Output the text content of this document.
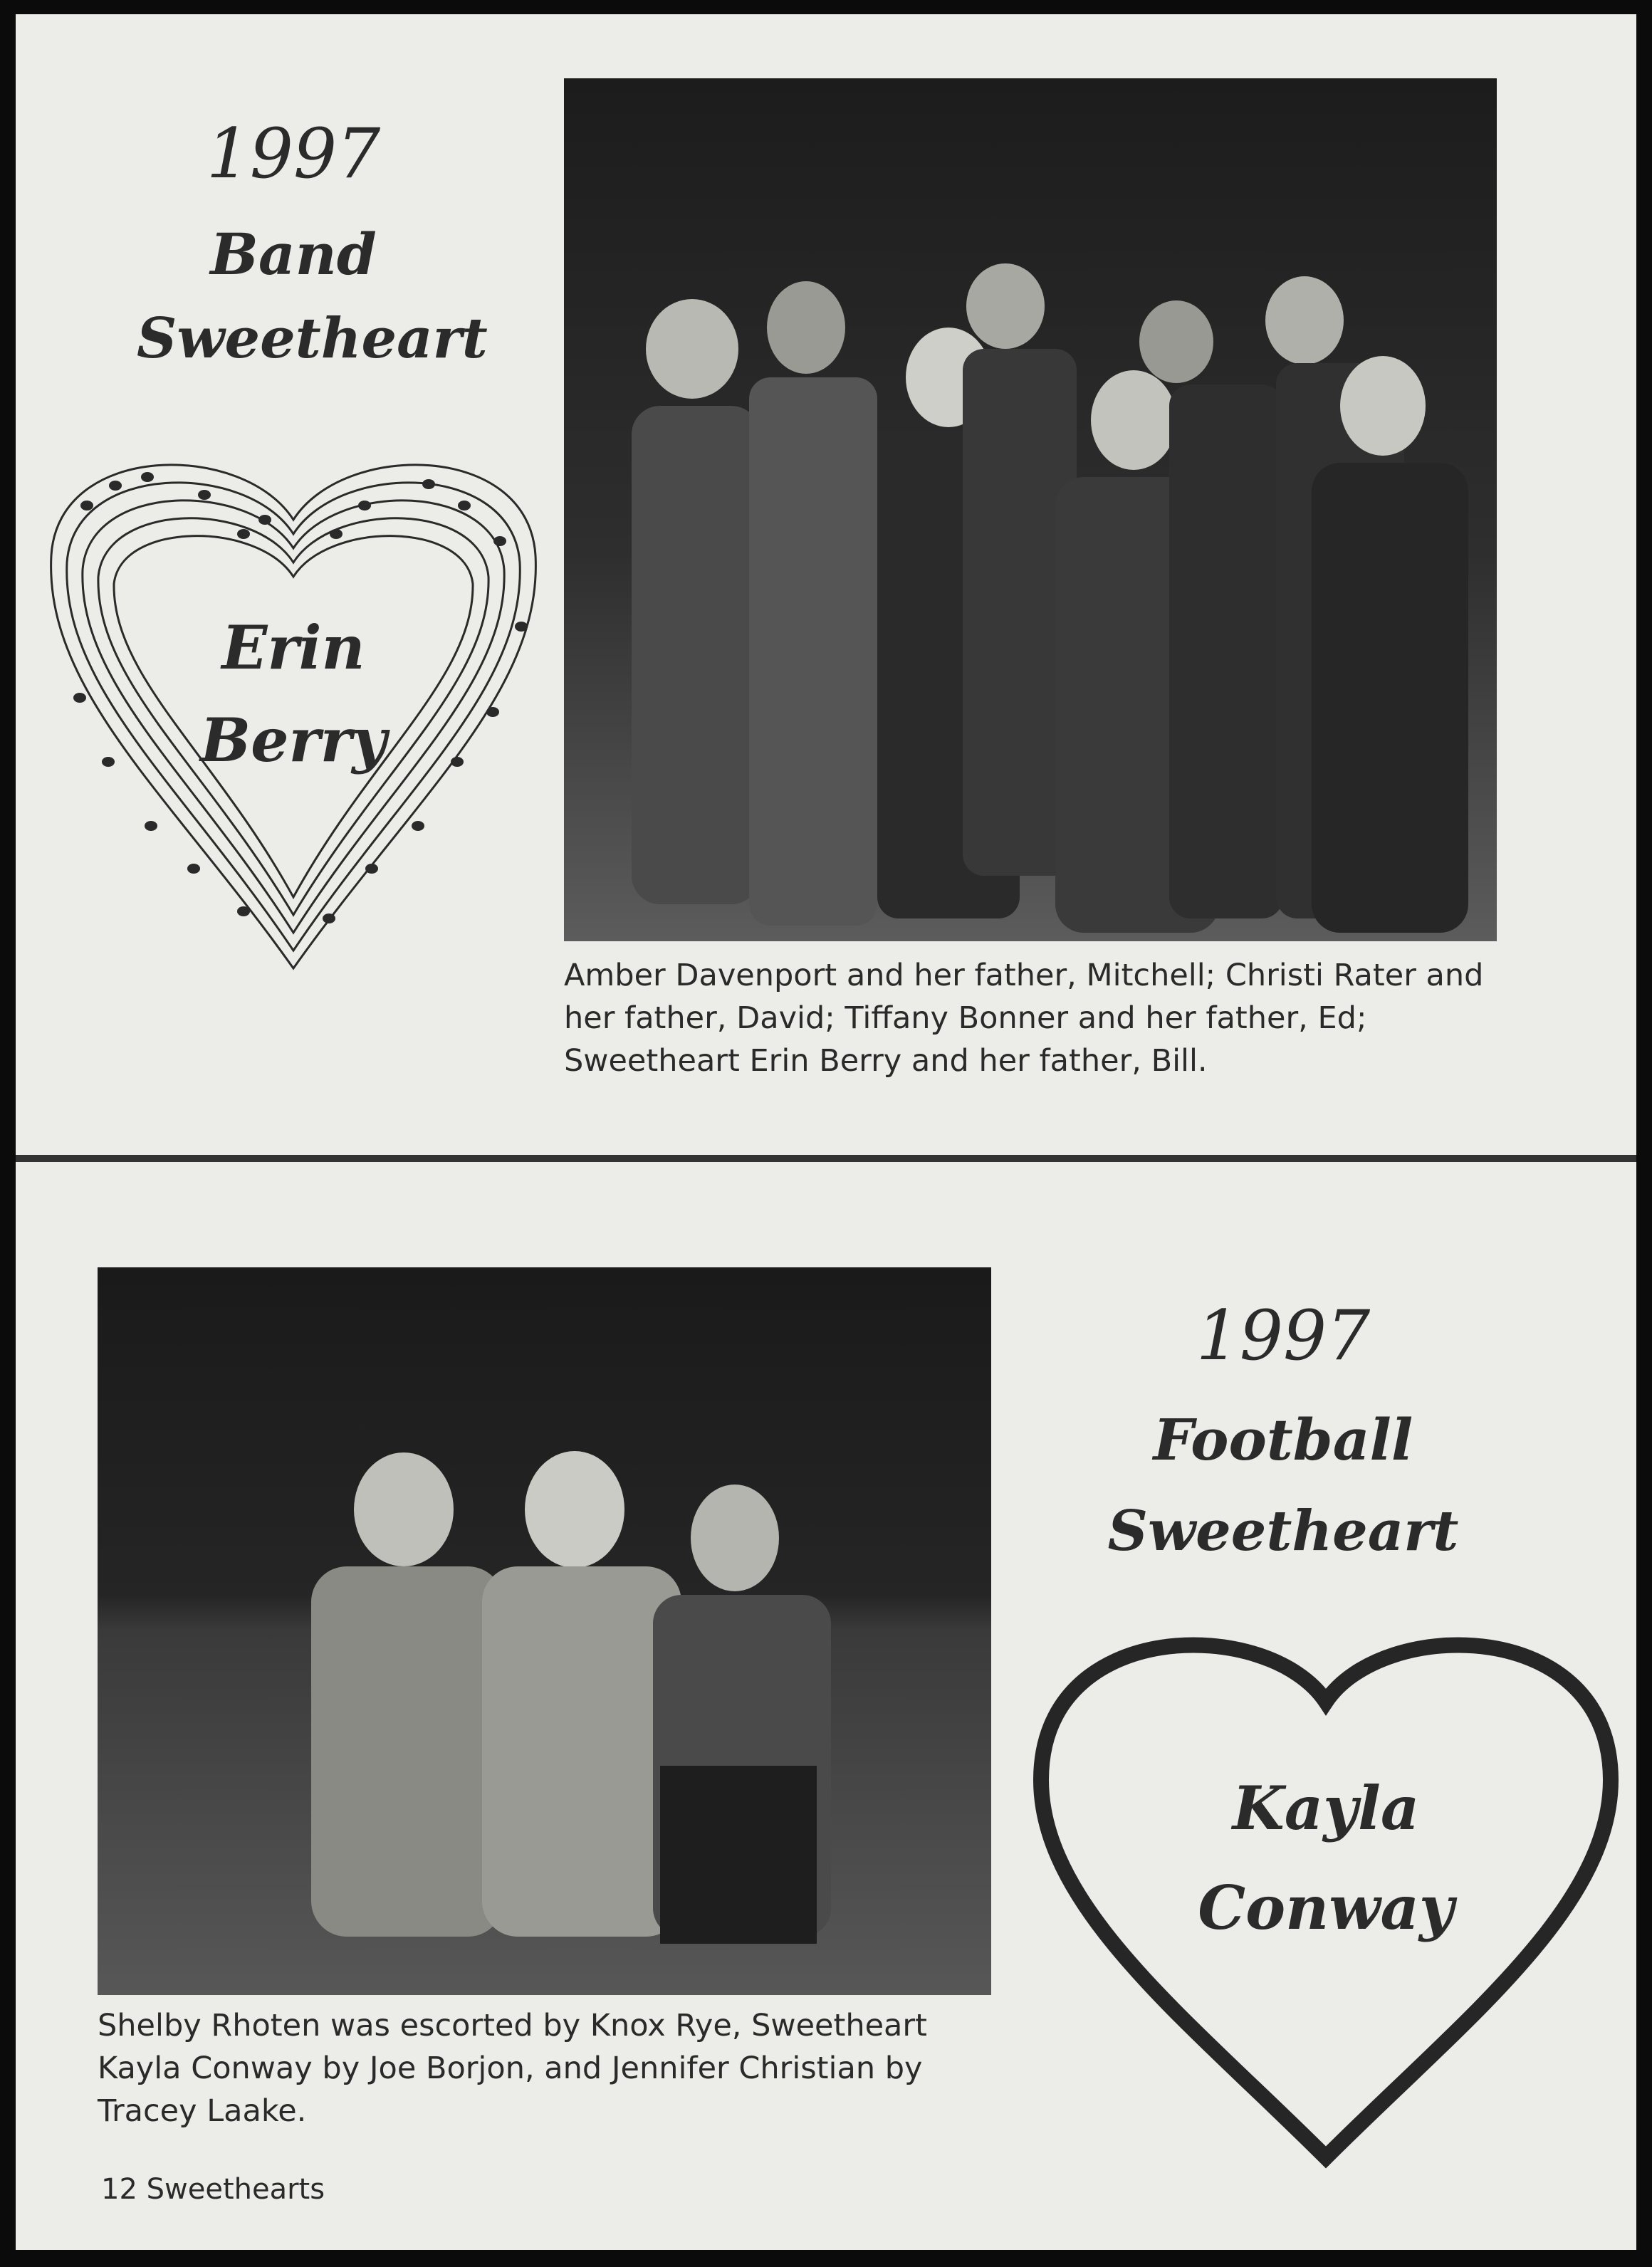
1997
Band
Sweetheart
Erin
Berry
Amber Davenport and her father, Mitchell; Christi Rater and her father, David; Tiffany Bonner and her father, Ed; Sweetheart Erin Berry and her father, Bill.
Shelby Rhoten was escorted by Knox Rye, Sweetheart Kayla Conway by Joe Borjon, and Jennifer Christian by Tracey Laake.
1997
Football
Sweetheart
Kayla
Conway
12 Sweethearts
